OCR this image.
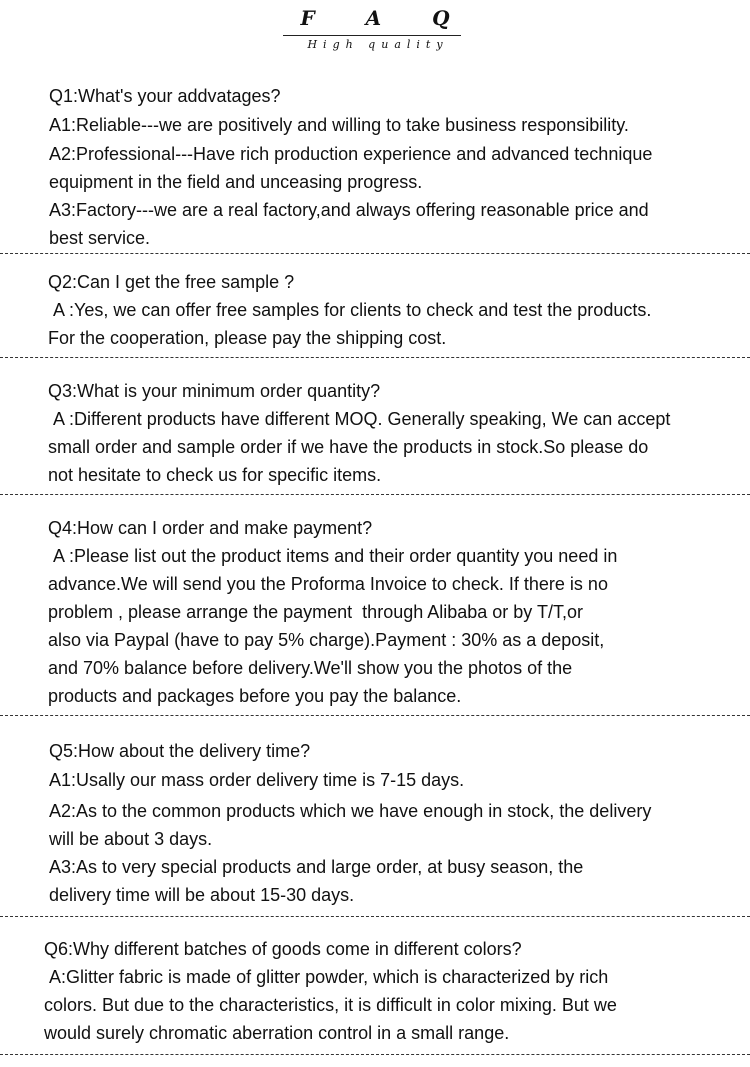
F A Q
High quality

Q1:What's your addvatages?

A1:Reliable---we are positively and willing to take business responsibility.

A2:Professional---Have rich production experience and advanced technique
equipment in the field and unceasing progress.

A3:Factory---we are a real factory,and always offering reasonable price and
best service.

Q2:Can I get the free sample ?

A :Yes, we can offer free samples for clients to check and test the products.
For the cooperation, please pay the shipping cost.

Q3:What is your minimum order quantity?

A :Different products have different MOQ. Generally speaking, We can accept
small order and sample order if we have the products in stock.So please do
not hesitate to check us for specific items.

Q4:How can I order and make payment?

A :Please list out the product items and their order quantity you need in
advance.We will send you the Proforma Invoice to check. If there is no
problem , please arrange the payment  through Alibaba or by T/T,or
also via Paypal (have to pay 5% charge).Payment : 30% as a deposit,
and 70% balance before delivery.We'll show you the photos of the
products and packages before you pay the balance.

Q5:How about the delivery time?

A1:Usally our mass order delivery time is 7-15 days.

A2:As to the common products which we have enough in stock, the delivery
will be about 3 days.

A3:As to very special products and large order, at busy season, the
delivery time will be about 15-30 days.

Q6:Why different batches of goods come in different colors?

A:Glitter fabric is made of glitter powder, which is characterized by rich
colors. But due to the characteristics, it is difficult in color mixing. But we
would surely chromatic aberration control in a small range.
